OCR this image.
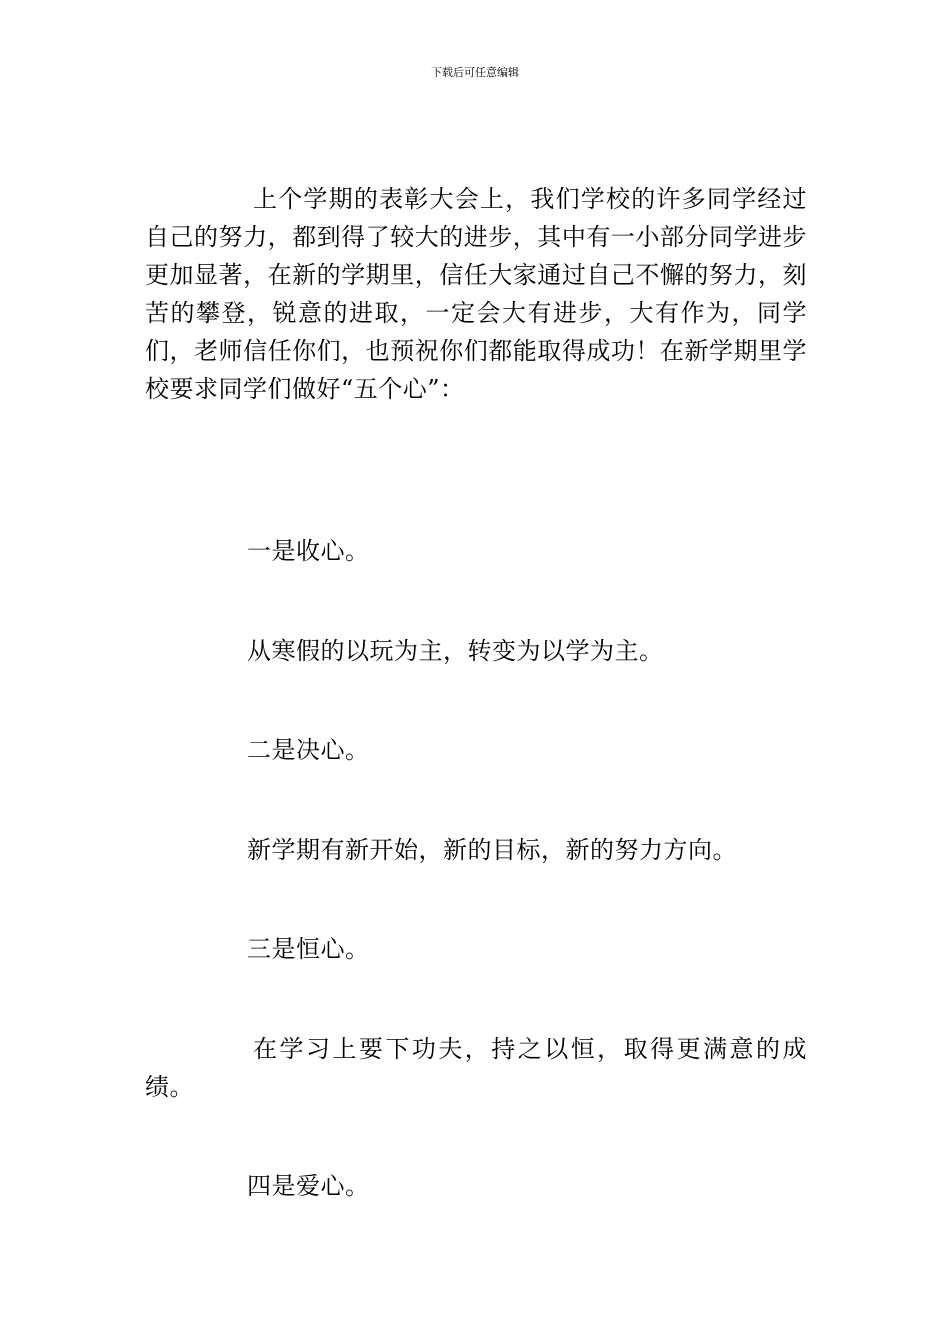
下载后可任意编辑

上个学期的表彰大会上，我们学校的许多同学经过自己的努力，都到得了较大的进步，其中有一小部分同学进步更加显著，在新的学期里，信任大家通过自己不懈的努力，刻苦的攀登，锐意的进取，一定会大有进步，大有作为，同学们，老师信任你们，也预祝你们都能取得成功！在新学期里学校要求同学们做好“五个心”：

一是收心。

从寒假的以玩为主，转变为以学为主。

二是决心。

新学期有新开始，新的目标，新的努力方向。

三是恒心。

在学习上要下功夫，持之以恒，取得更满意的成绩。

四是爱心。
